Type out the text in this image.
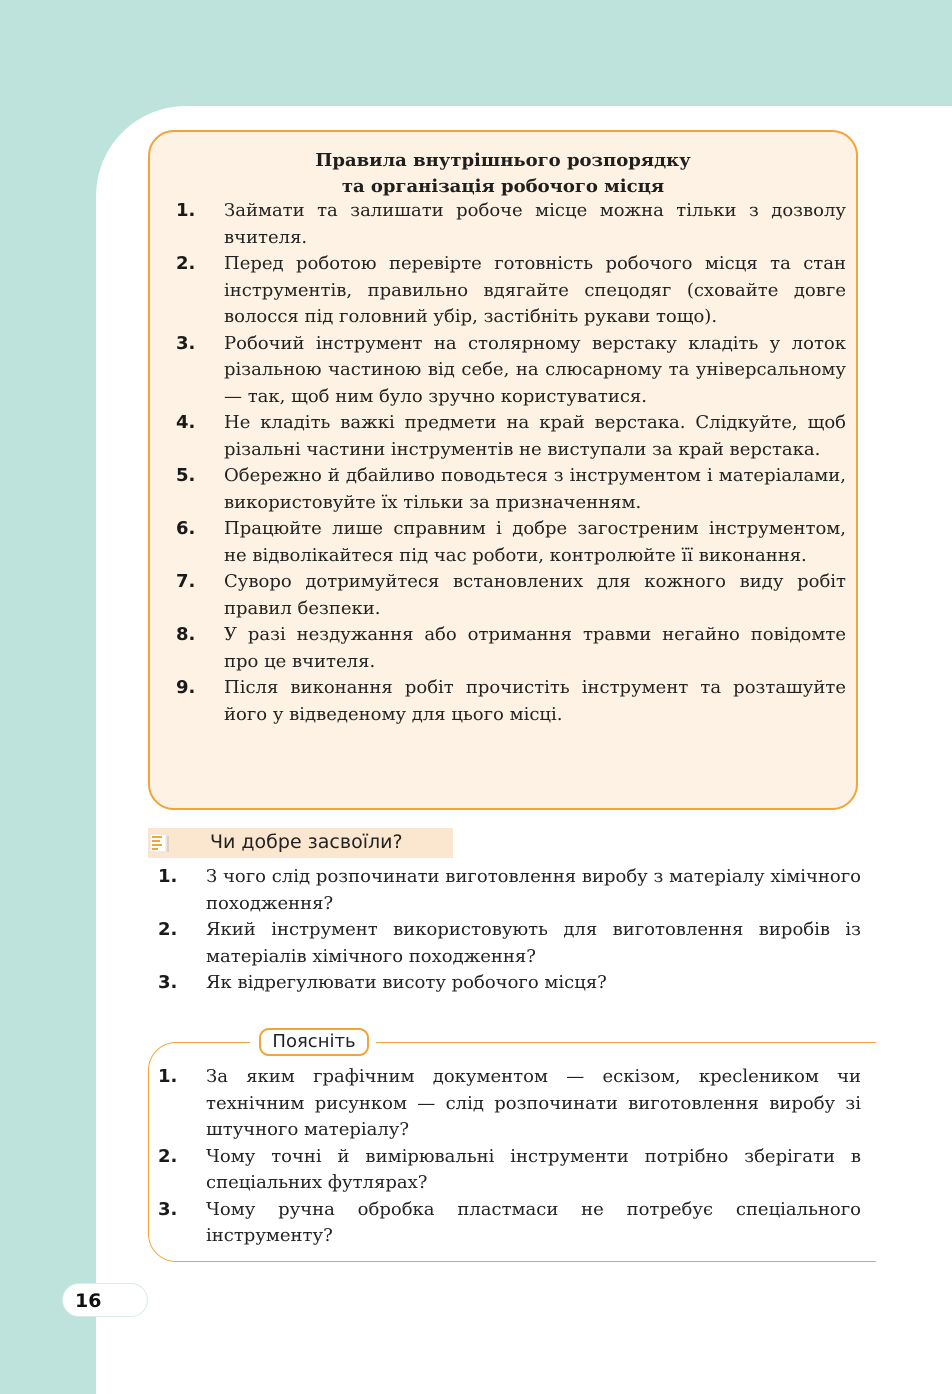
Правила внутрішнього розпорядку
та організація робочого місця
1. Займати та залишати робоче місце можна тільки з дозволу вчителя.
2. Перед роботою перевірте готовність робочого місця та стан інструментів, правильно вдягайте спецодяг (сховайте довге волосся під головний убір, застібніть рукави тощо).
3. Робочий інструмент на столярному верстаку кладіть у лоток різальною частиною від себе, на слюсарному та універсальному — так, щоб ним було зручно користуватися.
4. Не кладіть важкі предмети на край верстака. Слідкуйте, щоб різальні частини інструментів не виступали за край верстака.
5. Обережно й дбайливо поводьтеся з інструментом і матеріалами, використовуйте їх тільки за призначенням.
6. Працюйте лише справним і добре загостреним інструментом, не відволікайтеся під час роботи, контролюйте її виконання.
7. Суворо дотримуйтеся встановлених для кожного виду робіт правил безпеки.
8. У разі нездужання або отримання травми негайно повідомте про це вчителя.
9. Після виконання робіт прочистіть інструмент та розташуйте його у відведеному для цього місці.
Чи добре засвоїли?
1. З чого слід розпочинати виготовлення виробу з матеріалу хімічного походження?
2. Який інструмент використовують для виготовлення виробів із матеріалів хімічного походження?
3. Як відрегулювати висоту робочого місця?
Поясніть
1. За яким графічним документом — ескізом, кресleником чи технічним рисунком — слід розпочинати виготовлення виробу зі штучного матеріалу?
2. Чому точні й вимірювальні інструменти потрібно зберігати в спеціальних футлярах?
3. Чому ручна обробка пластмаси не потребує спеціального інструменту?
16
